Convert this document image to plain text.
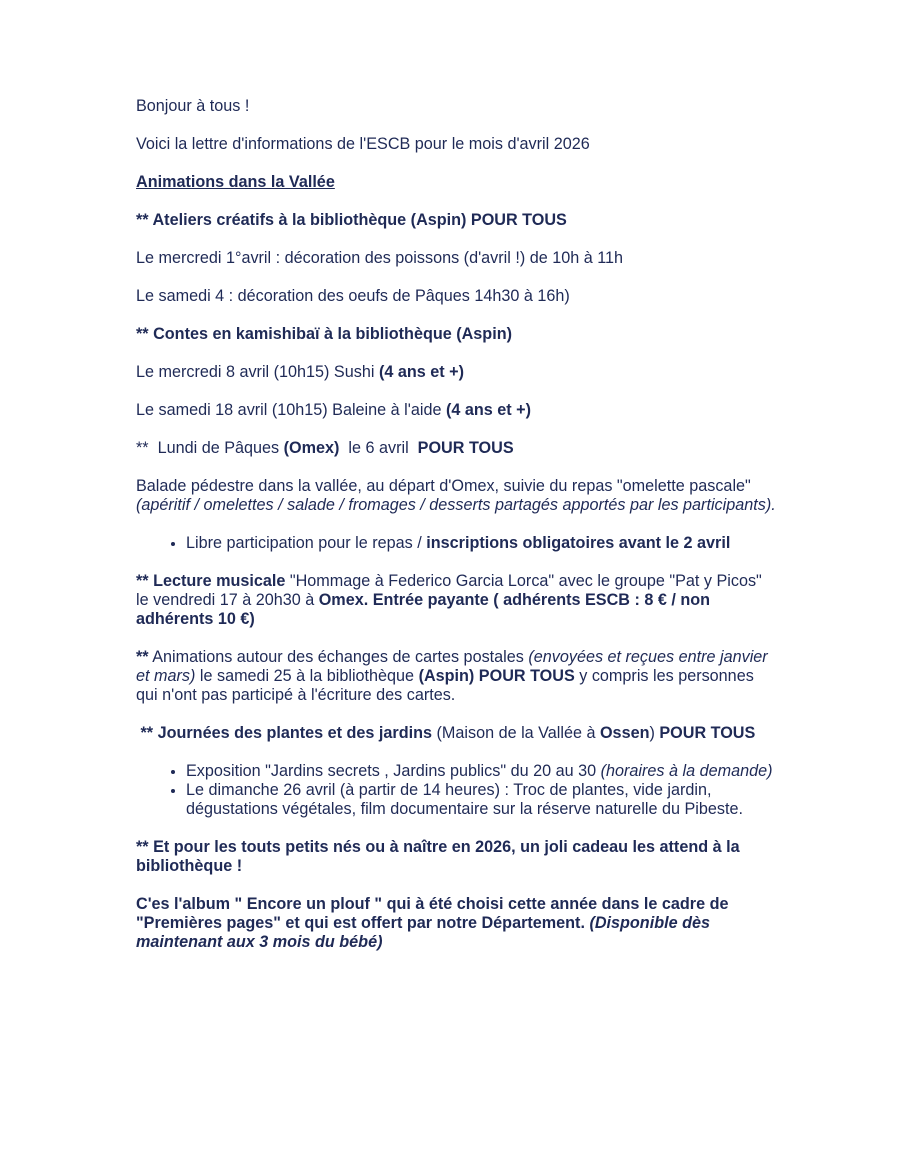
Bonjour à tous !

Voici la lettre d'informations de l'ESCB pour le mois d'avril 2026

Animations dans la Vallée

** Ateliers créatifs à la bibliothèque (Aspin) POUR TOUS

Le mercredi 1°avril : décoration des poissons (d'avril !) de 10h à 11h

Le samedi 4 : décoration des oeufs de Pâques 14h30 à 16h)

** Contes en kamishibaï à la bibliothèque (Aspin)

Le mercredi 8 avril (10h15) Sushi (4 ans et +)

Le samedi 18 avril (10h15) Baleine à l'aide (4 ans et +)

**  Lundi de Pâques (Omex)  le 6 avril  POUR TOUS

Balade pédestre dans la vallée, au départ d'Omex, suivie du repas "omelette pascale" (apéritif / omelettes / salade / fromages / desserts partagés apportés par les participants).

• Libre participation pour le repas / inscriptions obligatoires avant le 2 avril

** Lecture musicale "Hommage à Federico Garcia Lorca" avec le groupe "Pat y Picos" le vendredi 17 à 20h30 à Omex. Entrée payante ( adhérents ESCB : 8 € / non adhérents 10 €)

** Animations autour des échanges de cartes postales (envoyées et reçues entre janvier et mars) le samedi 25 à la bibliothèque (Aspin) POUR TOUS y compris les personnes qui n'ont pas participé à l'écriture des cartes.

** Journées des plantes et des jardins (Maison de la Vallée à Ossen) POUR TOUS

• Exposition "Jardins secrets , Jardins publics" du 20 au 30 (horaires à la demande)
• Le dimanche 26 avril (à partir de 14 heures) : Troc de plantes, vide jardin, dégustations végétales, film documentaire sur la réserve naturelle du Pibeste.

** Et pour les touts petits nés ou à naître en 2026, un joli cadeau les attend à la bibliothèque !

C'es l'album " Encore un plouf " qui à été choisi cette année dans le cadre de "Premières pages" et qui est offert par notre Département. (Disponible dès maintenant aux 3 mois du bébé)
